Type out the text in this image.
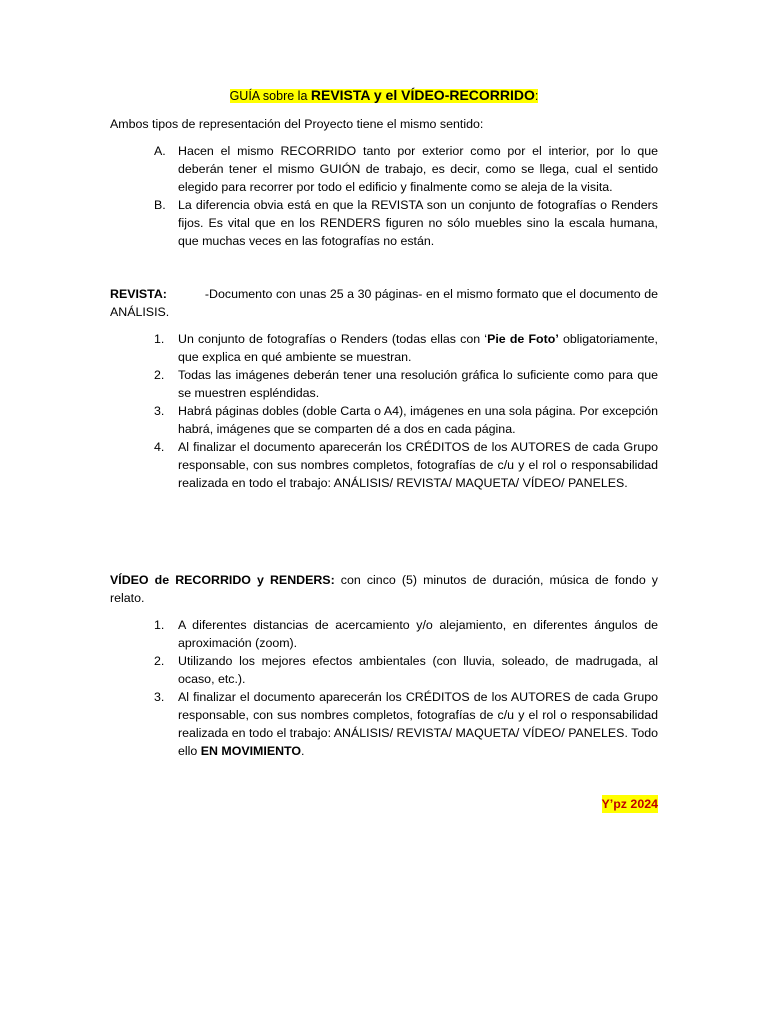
GUÍA sobre la REVISTA y el VÍDEO-RECORRIDO:
Ambos tipos de representación del Proyecto tiene el mismo sentido:
A. Hacen el mismo RECORRIDO tanto por exterior como por el interior, por lo que deberán tener el mismo GUIÓN de trabajo, es decir, como se llega, cual el sentido elegido para recorrer por todo el edificio y finalmente como se aleja de la visita.
B. La diferencia obvia está en que la REVISTA son un conjunto de fotografías o Renders fijos. Es vital que en los RENDERS figuren no sólo muebles sino la escala humana, que muchas veces en las fotografías no están.
REVISTA:	-Documento con unas 25 a 30 páginas- en el mismo formato que el documento de ANÁLISIS.
1. Un conjunto de fotografías o Renders (todas ellas con ‘Pie de Foto’ obligatoriamente, que explica en qué ambiente se muestran.
2. Todas las imágenes deberán tener una resolución gráfica lo suficiente como para que se muestren espléndidas.
3. Habrá páginas dobles (doble Carta o A4), imágenes en una sola página. Por excepción habrá, imágenes que se comparten dé a dos en cada página.
4. Al finalizar el documento aparecerán los CRÉDITOS de los AUTORES de cada Grupo responsable, con sus nombres completos, fotografías de c/u y el rol o responsabilidad realizada en todo el trabajo: ANÁLISIS/ REVISTA/ MAQUETA/ VÍDEO/ PANELES.
VÍDEO de RECORRIDO y RENDERS: con cinco (5) minutos de duración, música de fondo y relato.
1. A diferentes distancias de acercamiento y/o alejamiento, en diferentes ángulos de aproximación (zoom).
2. Utilizando los mejores efectos ambientales (con lluvia, soleado, de madrugada, al ocaso, etc.).
3. Al finalizar el documento aparecerán los CRÉDITOS de los AUTORES de cada Grupo responsable, con sus nombres completos, fotografías de c/u y el rol o responsabilidad realizada en todo el trabajo: ANÁLISIS/ REVISTA/ MAQUETA/ VÍDEO/ PANELES. Todo ello EN MOVIMIENTO.
Y’pz 2024
